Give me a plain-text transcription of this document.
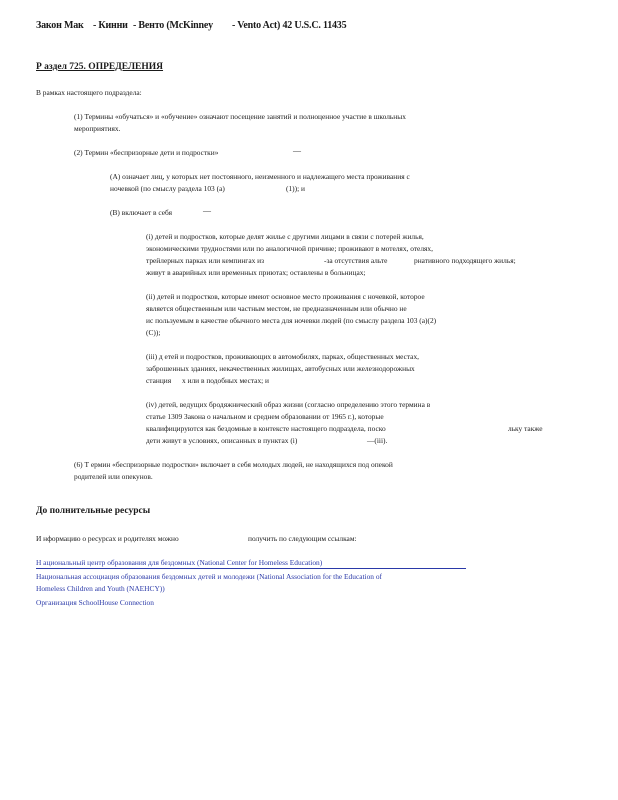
Закон Мак - Кинни - Венто (McKinney - Vento Act) 42 U.S.C. 11435
Р аздел 725. ОПРЕДЕЛЕНИЯ
В рамках настоящего подраздела:
(1) Термины «обучаться» и «обучение» означают посещение занятий и полноценное участие в школьных
мероприятиях.
(2) Термин «беспризорные дети и подростки»	—
(A) означает лиц, у которых нет постоянного, неизменного и надлежащего места проживания с
ночевкой (по смыслу раздела 103 (a)	(1)); и
(B) включает в себя	—
(i) детей и подростков, которые делят жилье с другими лицами в связи с потерей жилья,
экономическими трудностями или по аналогичной причине; проживают в мотелях, отелях,
трейлерных парках или кемпингах из	-за отсутствия альте	рнативного подходящего жилья;
живут в аварийных или временных приютах; оставлены в больницах;
(ii) детей и подростков, которые имеют основное место проживания с ночевкой, которое
является общественным или частным местом, не предназначенным или обычно не
ис пользуемым в качестве обычного места для ночевки людей (по смыслу раздела 103 (a)(2)
(C));
(iii) д етей и подростков, проживающих в автомобилях, парках, общественных местах,
заброшенных зданиях, некачественных жилищах, автобусных или железнодорожных
станция х или в подобных местах; и
(iv) детей, ведущих бродяжнический образ жизни (согласно определению этого термина в
статье 1309 Закона о начальном и среднем образовании от 1965 г.), которые
квалифицируются как бездомные в контексте настоящего подраздела, поско	льку также
дети живут в условиях, описанных в пунктах (i)	—(iii).
(6) Т ермин «беспризорные подростки» включает в себя молодых людей, не находящихся под опекой
родителей или опекунов.
До полнительные ресурсы
И нформацию о ресурсах и родителях можно	получить по следующим ссылкам:
Н ациональный центр образования для бездомных (National Center for Homeless Education)
Национальная ассоциация образования бездомных детей и молодежи (National Association for the Education of
Homeless Children and Youth (NAEHCY))
Организация SchoolHouse Connection
